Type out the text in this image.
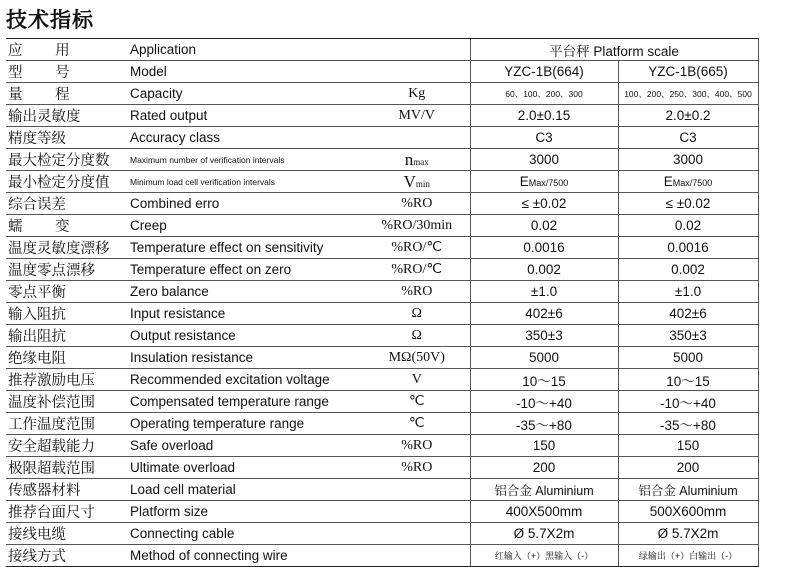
技术指标
应 用	Application		平台秤 Platform scale	
型 号	Model		YZC-1B(664)	YZC-1B(665)
量 程	Capacity	Kg	60、100、200、300	100、200、250、300、400、500
输出灵敏度	Rated output	MV/V	2.0±0.15	2.0±0.2
精度等级	Accuracy class		C3	C3
最大检定分度数	Maximum number of verification intervals	nmax	3000	3000
最小检定分度值	Minimum load cell verification intervals	Vmin	EMax/7500	EMax/7500
综合误差	Combined erro	%RO	≤ ±0.02	≤ ±0.02
蠕 变	Creep	%RO/30min	0.02	0.02
温度灵敏度漂移	Temperature effect on sensitivity	%RO/℃	0.0016	0.0016
温度零点漂移	Temperature effect on zero	%RO/℃	0.002	0.002
零点平衡	Zero balance	%RO	±1.0	±1.0
输入阻抗	Input resistance	Ω	402±6	402±6
输出阻抗	Output resistance	Ω	350±3	350±3
绝缘电阻	Insulation resistance	MΩ(50V)	5000	5000
推荐激励电压	Recommended excitation voltage	V	10～15	10～15
温度补偿范围	Compensated temperature range	℃	-10～+40	-10～+40
工作温度范围	Operating temperature range	℃	-35～+80	-35～+80
安全超载能力	Safe overload	%RO	150	150
极限超载范围	Ultimate overload	%RO	200	200
传感器材料	Load cell material		铝合金 Aluminium	铝合金 Aluminium
推荐台面尺寸	Platform size		400X500mm	500X600mm
接线电缆	Connecting cable		Ø 5.7X2m	Ø 5.7X2m
接线方式	Method of connecting wire		红输入（+）黑输入（-）	绿输出（+）白输出（-）
